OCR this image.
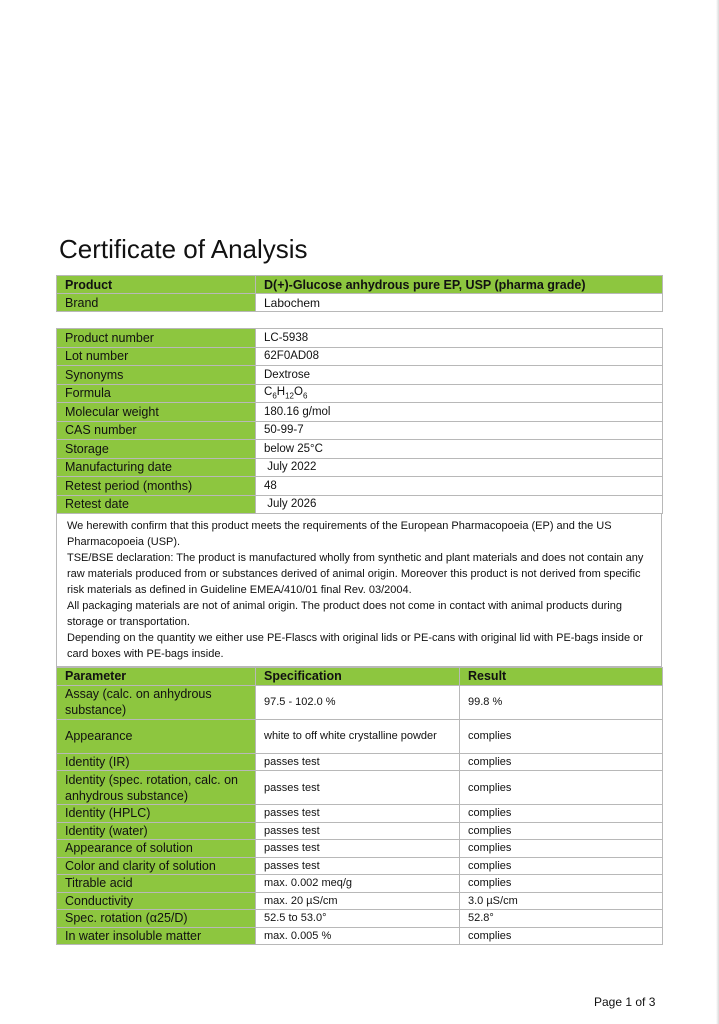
Certificate of Analysis
Product	D(+)-Glucose anhydrous pure EP, USP (pharma grade)
Brand	Labochem
Product number	LC-5938
Lot number	62F0AD08
Synonyms	Dextrose
Formula	$C_6H_{12}O_6$
Molecular weight	180.16 g/mol
CAS number	50-99-7
Storage	below 25°C
Manufacturing date	July 2022
Retest period (months)	48
Retest date	July 2026

We herewith confirm that this product meets the requirements of the European Pharmacopoeia (EP) and the US Pharmacopoeia (USP).

TSE/BSE declaration: The product is manufactured wholly from synthetic and plant materials and does not contain any raw materials produced from or substances derived of animal origin. Moreover this product is not derived from specific risk materials as defined in Guideline EMEA/410/01 final Rev. 03/2004.

All packaging materials are not of animal origin. The product does not come in contact with animal products during storage or transportation.

Depending on the quantity we either use PE-Flascs with original lids or PE-cans with original lid with PE-bags inside or card boxes with PE-bags inside.

Parameter	Specification	Result
Assay (calc. on anhydrous substance)	97.5 - 102.0 %	99.8 %
Appearance	white to off white crystalline powder	complies
Identity (IR)	passes test	complies
Identity (spec. rotation, calc. on anhydrous substance)	passes test	complies
Identity (HPLC)	passes test	complies
Identity (water)	passes test	complies
Appearance of solution	passes test	complies
Color and clarity of solution	passes test	complies
Titrable acid	max. 0.002 meq/g	complies
Conductivity	max. 20 µS/cm	3.0 µS/cm
Spec. rotation (α25/D)	52.5 to 53.0°	52.8°
In water insoluble matter	max. 0.005 %	complies
Page 1 of 3
